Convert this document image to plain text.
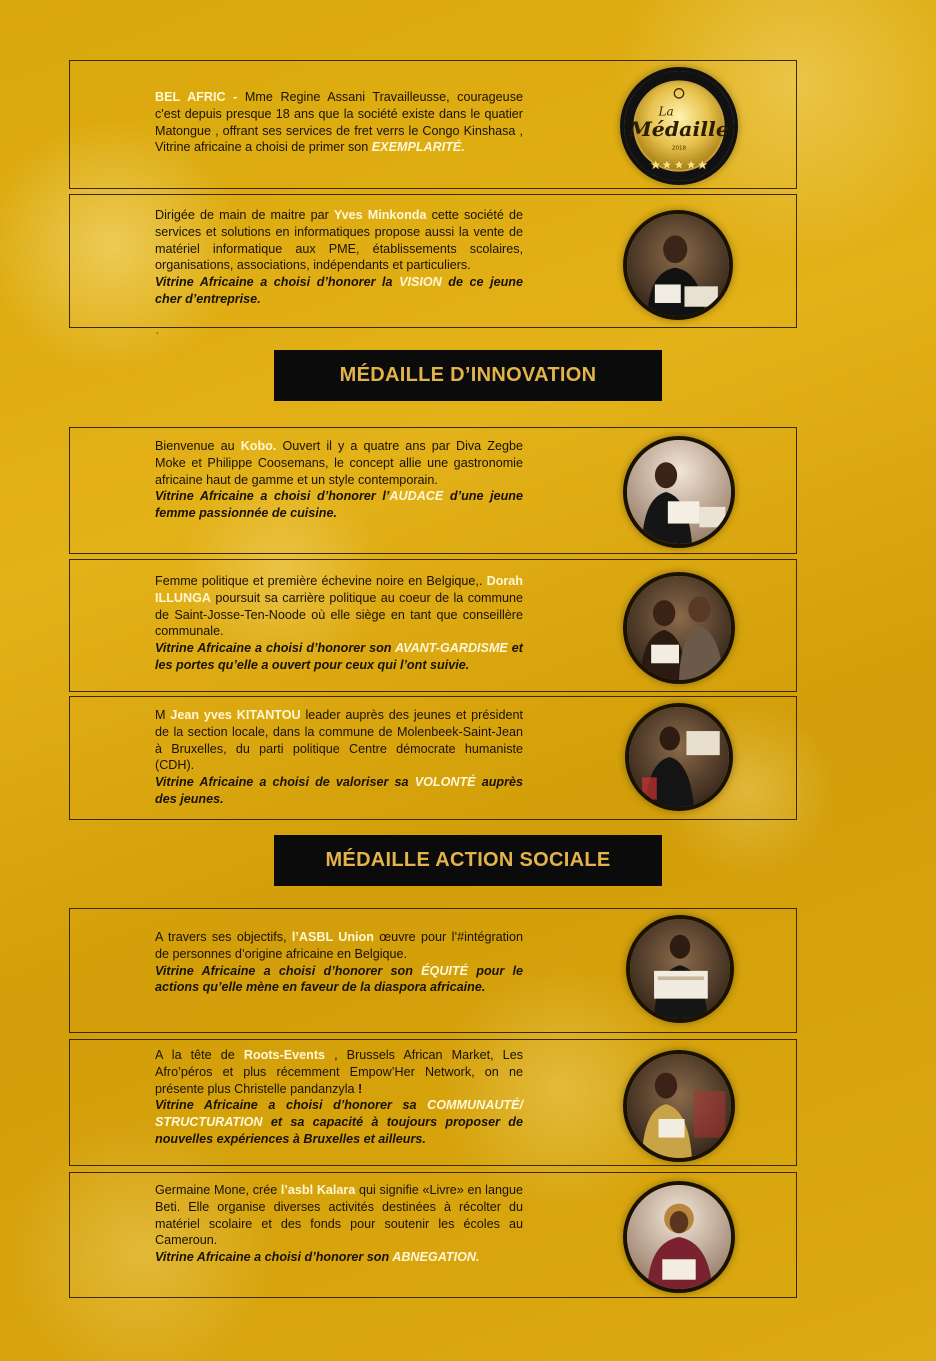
BEL AFRIC - Mme Regine Assani Travailleusse, courageuse c'est depuis presque 18 ans que la société existe dans le quatier Matongue , offrant ses services de fret verrs le Congo Kinshasa , Vitrine africaine a choisi de primer son EXEMPLARITÉ.
La
Médaille
2018
Dirigée de main de maitre par Yves Minkonda cette société de services et solutions en informatiques propose aussi la vente de matériel informatique aux PME, établissements scolaires, organisations, associations, indépendants et particuliers.
Vitrine Africaine a choisi d’honorer la VISION de ce jeune cher d’entreprise.
´
MÉDAILLE D’INNOVATION
Bienvenue au Kobo. Ouvert il y a quatre ans par Diva Zegbe Moke et Philippe Coosemans, le concept allie une gastronomie africaine haut de gamme et un style contemporain.
Vitrine Africaine a choisi d’honorer l’AUDACE d’une jeune femme passionnée de cuisine.
Femme politique et première échevine noire en Belgique,. Dorah ILLUNGA poursuit sa carrière politique au coeur de la commune de Saint-Josse-Ten-Noode où elle siège en tant que conseillère communale.
Vitrine Africaine a choisi d’honorer son AVANT-GARDISME et les portes qu’elle a ouvert pour ceux qui l’ont suivie.
M Jean yves KITANTOU leader auprès des jeunes et président de la section locale, dans la commune de Molenbeek-Saint-Jean à Bruxelles, du parti politique Centre démocrate humaniste (CDH).
Vitrine Africaine a choisi de valoriser sa VOLONTÉ auprès des jeunes.
MÉDAILLE ACTION SOCIALE
A travers ses objectifs, l’ASBL Union œuvre pour l’#intégration de personnes d’origine africaine en Belgique.
Vitrine Africaine a choisi d’honorer son ÉQUITÉ pour le actions qu’elle mène en faveur de la diaspora africaine.
A la tête de Roots-Events , Brussels African Market, Les Afro’péros et plus récemment Empow’Her Network, on ne présente plus Christelle pandanzyla !
Vitrine Africaine a choisi d’honorer sa COMMUNAUTÉ/ STRUCTURATION et sa capacité à toujours proposer de nouvelles expériences à Bruxelles et ailleurs.
Germaine Mone, crée l’asbl Kalara qui signifie «Livre» en langue Beti. Elle organise diverses activités destinées à récolter du matériel scolaire et des fonds pour soutenir les écoles au Cameroun.
Vitrine Africaine a choisi d’honorer son ABNEGATION.
